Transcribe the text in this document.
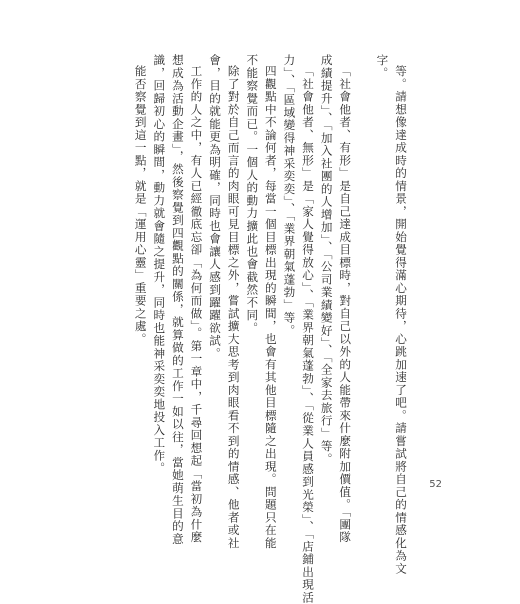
等。請想像達成時的情景，開始覺得滿心期待，心跳加速了吧。請嘗試將自己的情感化為文
字。
「社會他者、有形」是自己達成目標時，對自己以外的人能帶來什麼附加價值。「團隊
成績提升」、「加入社團的人增加」、「公司業績變好」、「全家去旅行」等。
「社會他者、無形」是「家人覺得放心」、「業界朝氣蓬勃」、「從業人員感到光榮」、「店鋪出現活
力」、「區域變得神采奕奕」、「業界朝氣蓬勃」等。
四觀點中不論何者，每當一個目標出現的瞬間，也會有其他目標隨之出現。問題只在能
不能察覺而已。一個人的動力擴此也會截然不同。
除了對於自己而言的肉眼可見目標之外，嘗試擴大思考到肉眼看不到的情感、他者或社
會，目的就能更為明確，同時也會讓人感到躍躍欲試。
工作的人之中，有人已經徹底忘卻「為何而做」。第一章中，千尋回想起「當初為什麼
想成為活動企畫」，然後察覺到四觀點的關係，就算做的工作一如以往，當她萌生目的意
識，回歸初心的瞬間，動力就會隨之提升，同時也能神采奕奕地投入工作。
能否察覺到這一點，就是「運用心靈」重要之處。
52
